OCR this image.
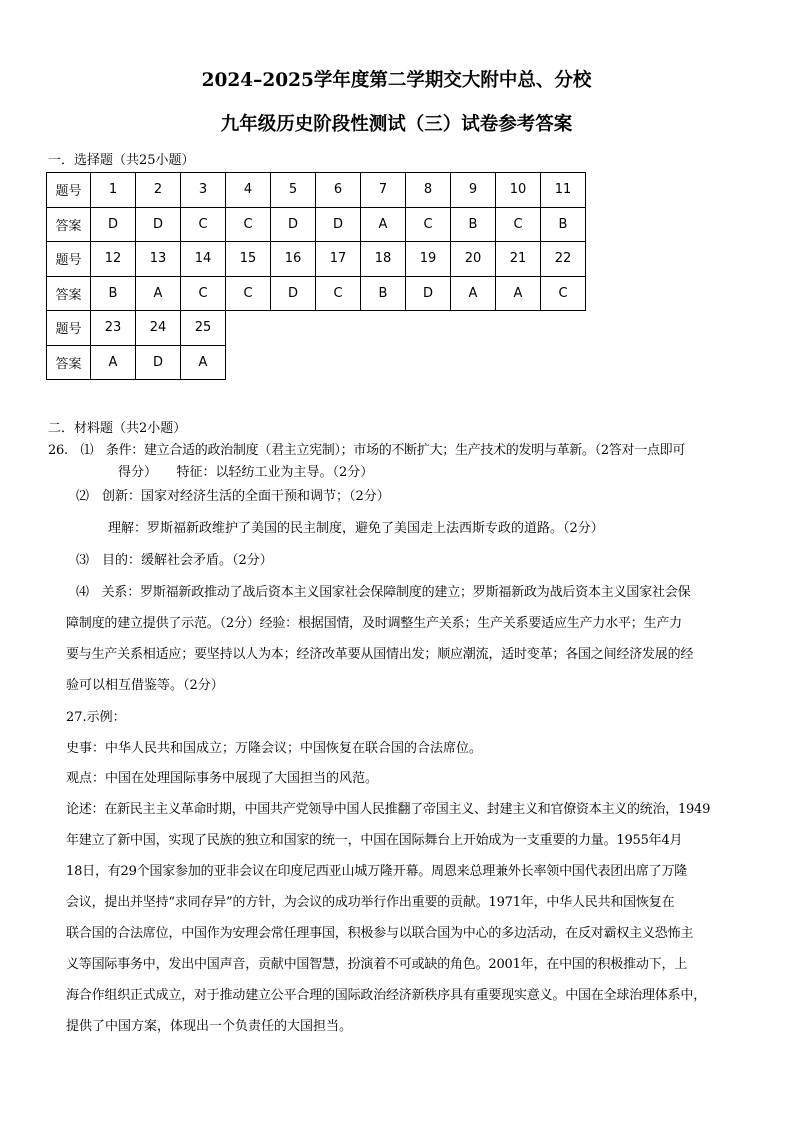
2024–2025学年度第二学期交大附中总、分校
九年级历史阶段性测试（三）试卷参考答案
一．选择题（共25小题）
题号	1	2	3	4	5	6	7	8	9	10	11
答案	D	D	C	C	D	D	A	C	B	C	B
题号	12	13	14	15	16	17	18	19	20	21	22
答案	B	A	C	C	D	C	B	D	A	A	C
题号	23	24	25								
答案	A	D	A								
二．材料题（共2小题）
26.　⑴　条件：建立合适的政治制度（君主立宪制）；市场的不断扩大；生产技术的发明与革新。（2答对一点即可
得分）　　特征：以轻纺工业为主导。（2分）
⑵　创新：国家对经济生活的全面干预和调节；（2分）
理解：罗斯福新政维护了美国的民主制度，避免了美国走上法西斯专政的道路。（2分）
⑶　目的：缓解社会矛盾。（2分）
⑷　关系：罗斯福新政推动了战后资本主义国家社会保障制度的建立；罗斯福新政为战后资本主义国家社会保
障制度的建立提供了示范。（2分）经验：根据国情，及时调整生产关系；生产关系要适应生产力水平；生产力
要与生产关系相适应；要坚持以人为本；经济改革要从国情出发；顺应潮流，适时变革；各国之间经济发展的经
验可以相互借鉴等。（2分）
27.示例：
史事：中华人民共和国成立；万隆会议；中国恢复在联合国的合法席位。
观点：中国在处理国际事务中展现了大国担当的风范。
论述：在新民主主义革命时期，中国共产党领导中国人民推翻了帝国主义、封建主义和官僚资本主义的统治，1949
年建立了新中国，实现了民族的独立和国家的统一，中国在国际舞台上开始成为一支重要的力量。1955年4月
18日，有29个国家参加的亚非会议在印度尼西亚山城万隆开幕。周恩来总理兼外长率领中国代表团出席了万隆
会议，提出并坚持“求同存异”的方针，为会议的成功举行作出重要的贡献。1971年，中华人民共和国恢复在
联合国的合法席位，中国作为安理会常任理事国，积极参与以联合国为中心的多边活动，在反对霸权主义恐怖主
义等国际事务中，发出中国声音，贡献中国智慧，扮演着不可或缺的角色。2001年，在中国的积极推动下，上
海合作组织正式成立，对于推动建立公平合理的国际政治经济新秩序具有重要现实意义。中国在全球治理体系中，
提供了中国方案，体现出一个负责任的大国担当。
